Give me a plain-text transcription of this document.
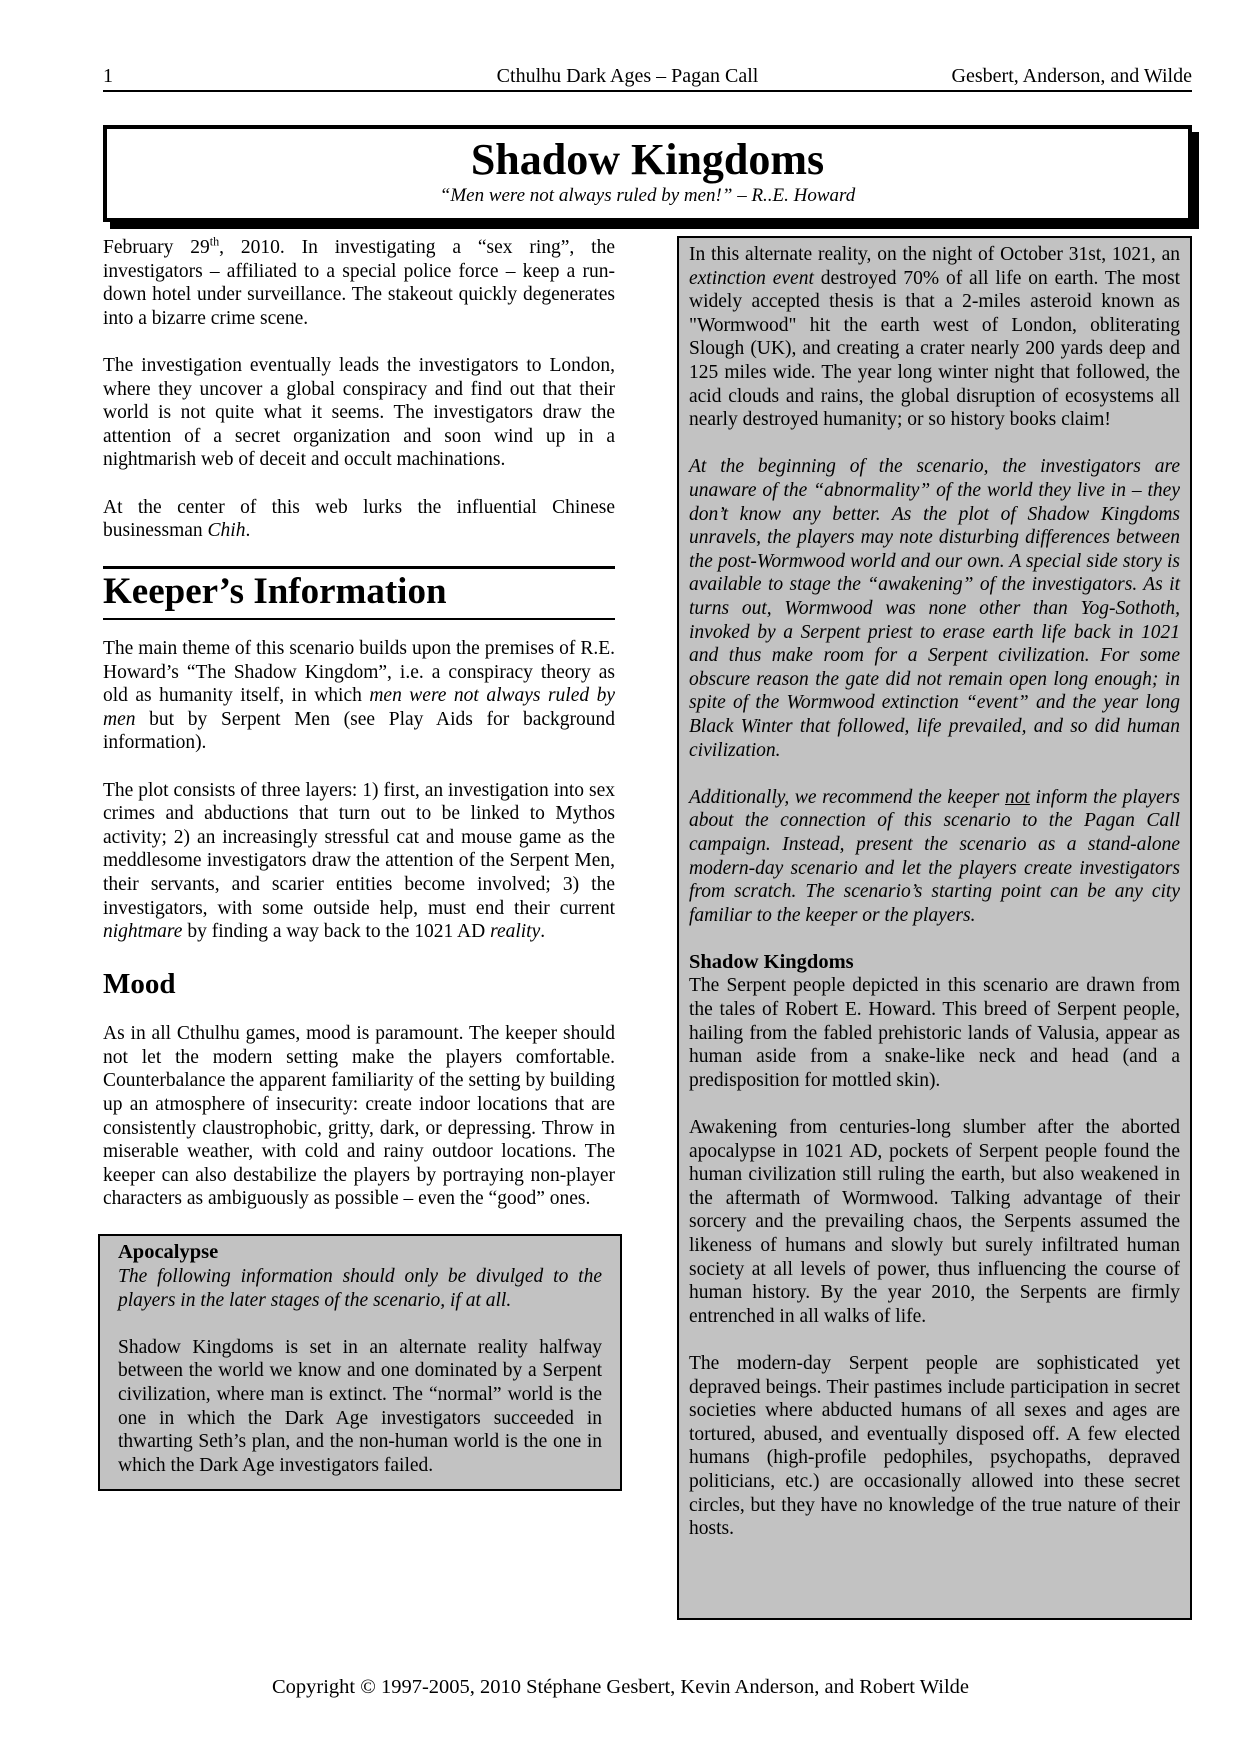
1	Cthulhu Dark Ages – Pagan Call	Gesbert, Anderson, and Wilde
Shadow Kingdoms
“Men were not always ruled by men!” – R..E. Howard

February 29th, 2010. In investigating a “sex ring”, the investigators – affiliated to a special police force – keep a run-down hotel under surveillance. The stakeout quickly degenerates into a bizarre crime scene.

The investigation eventually leads the investigators to London, where they uncover a global conspiracy and find out that their world is not quite what it seems. The investigators draw the attention of a secret organization and soon wind up in a nightmarish web of deceit and occult machinations.

At the center of this web lurks the influential Chinese businessman Chih.

Keeper’s Information

The main theme of this scenario builds upon the premises of R.E. Howard’s “The Shadow Kingdom”, i.e. a conspiracy theory as old as humanity itself, in which men were not always ruled by men but by Serpent Men (see Play Aids for background information).

The plot consists of three layers: 1) first, an investigation into sex crimes and abductions that turn out to be linked to Mythos activity; 2) an increasingly stressful cat and mouse game as the meddlesome investigators draw the attention of the Serpent Men, their servants, and scarier entities become involved; 3) the investigators, with some outside help, must end their current nightmare by finding a way back to the 1021 AD reality.

Mood

As in all Cthulhu games, mood is paramount. The keeper should not let the modern setting make the players comfortable. Counterbalance the apparent familiarity of the setting by building up an atmosphere of insecurity: create indoor locations that are consistently claustrophobic, gritty, dark, or depressing. Throw in miserable weather, with cold and rainy outdoor locations. The keeper can also destabilize the players by portraying non-player characters as ambiguously as possible – even the “good” ones.

Apocalypse

The following information should only be divulged to the players in the later stages of the scenario, if at all.

Shadow Kingdoms is set in an alternate reality halfway between the world we know and one dominated by a Serpent civilization, where man is extinct. The “normal” world is the one in which the Dark Age investigators succeeded in thwarting Seth’s plan, and the non-human world is the one in which the Dark Age investigators failed.

In this alternate reality, on the night of October 31st, 1021, an extinction event destroyed 70% of all life on earth. The most widely accepted thesis is that a 2-miles asteroid known as "Wormwood" hit the earth west of London, obliterating Slough (UK), and creating a crater nearly 200 yards deep and 125 miles wide. The year long winter night that followed, the acid clouds and rains, the global disruption of ecosystems all nearly destroyed humanity; or so history books claim!

At the beginning of the scenario, the investigators are unaware of the “abnormality” of the world they live in – they don’t know any better. As the plot of Shadow Kingdoms unravels, the players may note disturbing differences between the post-Wormwood world and our own. A special side story is available to stage the “awakening” of the investigators. As it turns out, Wormwood was none other than Yog-Sothoth, invoked by a Serpent priest to erase earth life back in 1021 and thus make room for a Serpent civilization. For some obscure reason the gate did not remain open long enough; in spite of the Wormwood extinction “event” and the year long Black Winter that followed, life prevailed, and so did human civilization.

Additionally, we recommend the keeper not inform the players about the connection of this scenario to the Pagan Call campaign. Instead, present the scenario as a stand-alone modern-day scenario and let the players create investigators from scratch. The scenario’s starting point can be any city familiar to the keeper or the players.

Shadow Kingdoms

The Serpent people depicted in this scenario are drawn from the tales of Robert E. Howard. This breed of Serpent people, hailing from the fabled prehistoric lands of Valusia, appear as human aside from a snake-like neck and head (and a predisposition for mottled skin).

Awakening from centuries-long slumber after the aborted apocalypse in 1021 AD, pockets of Serpent people found the human civilization still ruling the earth, but also weakened in the aftermath of Wormwood. Talking advantage of their sorcery and the prevailing chaos, the Serpents assumed the likeness of humans and slowly but surely infiltrated human society at all levels of power, thus influencing the course of human history. By the year 2010, the Serpents are firmly entrenched in all walks of life.

The modern-day Serpent people are sophisticated yet depraved beings. Their pastimes include participation in secret societies where abducted humans of all sexes and ages are tortured, abused, and eventually disposed off. A few elected humans (high-profile pedophiles, psychopaths, depraved politicians, etc.) are occasionally allowed into these secret circles, but they have no knowledge of the true nature of their hosts.

Copyright © 1997-2005, 2010 Stéphane Gesbert, Kevin Anderson, and Robert Wilde
